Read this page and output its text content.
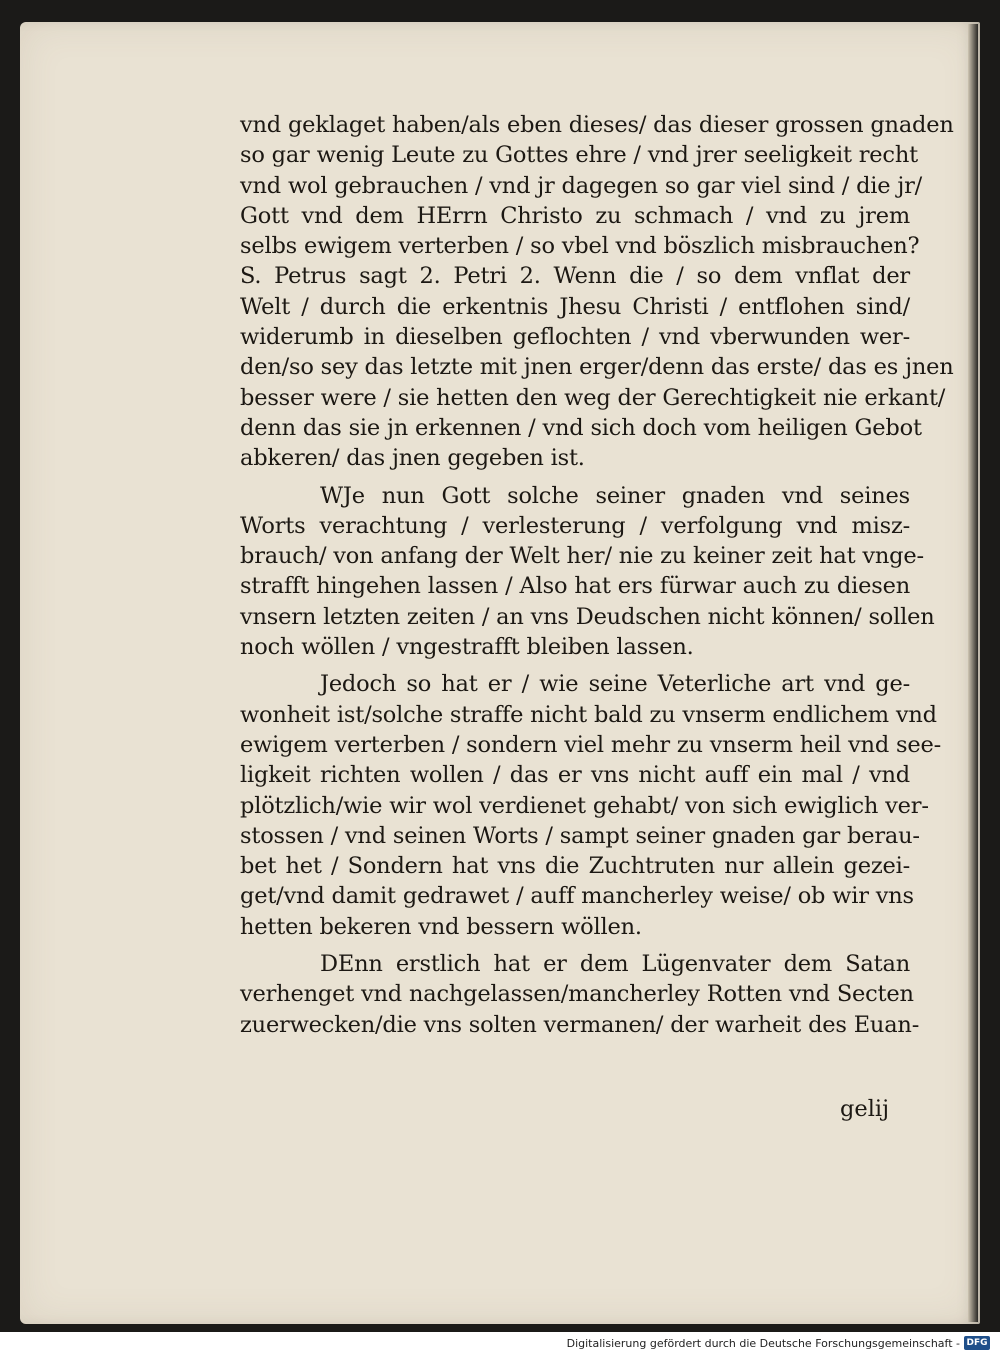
vnd geklaget haben/als eben dieses/ das dieser grossen gnaden
so gar wenig Leute zu Gottes ehre / vnd jrer seeligkeit recht
vnd wol gebrauchen / vnd jr dagegen so gar viel sind / die jr/
Gott vnd dem HErrn Christo zu schmach / vnd zu jrem
selbs ewigem verterben / so vbel vnd böszlich misbrauchen?
S. Petrus sagt 2. Petri 2. Wenn die / so dem vnflat der
Welt / durch die erkentnis Jhesu Christi / entflohen sind/
widerumb in dieselben geflochten / vnd vberwunden wer-
den/so sey das letzte mit jnen erger/denn das erste/ das es jnen
besser were / sie hetten den weg der Gerechtigkeit nie erkant/
denn das sie jn erkennen / vnd sich doch vom heiligen Gebot
abkeren/ das jnen gegeben ist.
WJe nun Gott solche seiner gnaden vnd seines
Worts verachtung / verlesterung / verfolgung vnd misz-
brauch/ von anfang der Welt her/ nie zu keiner zeit hat vnge-
strafft hingehen lassen / Also hat ers fürwar auch zu diesen
vnsern letzten zeiten / an vns Deudschen nicht können/ sollen
noch wöllen / vngestrafft bleiben lassen.
Jedoch so hat er / wie seine Veterliche art vnd ge-
wonheit ist/solche straffe nicht bald zu vnserm endlichem vnd
ewigem verterben / sondern viel mehr zu vnserm heil vnd see-
ligkeit richten wollen / das er vns nicht auff ein mal / vnd
plötzlich/wie wir wol verdienet gehabt/ von sich ewiglich ver-
stossen / vnd seinen Worts / sampt seiner gnaden gar berau-
bet het / Sondern hat vns die Zuchtruten nur allein gezei-
get/vnd damit gedrawet / auff mancherley weise/ ob wir vns
hetten bekeren vnd bessern wöllen.
DEnn erstlich hat er dem Lügenvater dem Satan
verhenget vnd nachgelassen/mancherley Rotten vnd Secten
zuerwecken/die vns solten vermanen/ der warheit des Euan-
gelij
Digitalisierung gefördert durch die Deutsche Forschungsgemeinschaft - DFG
